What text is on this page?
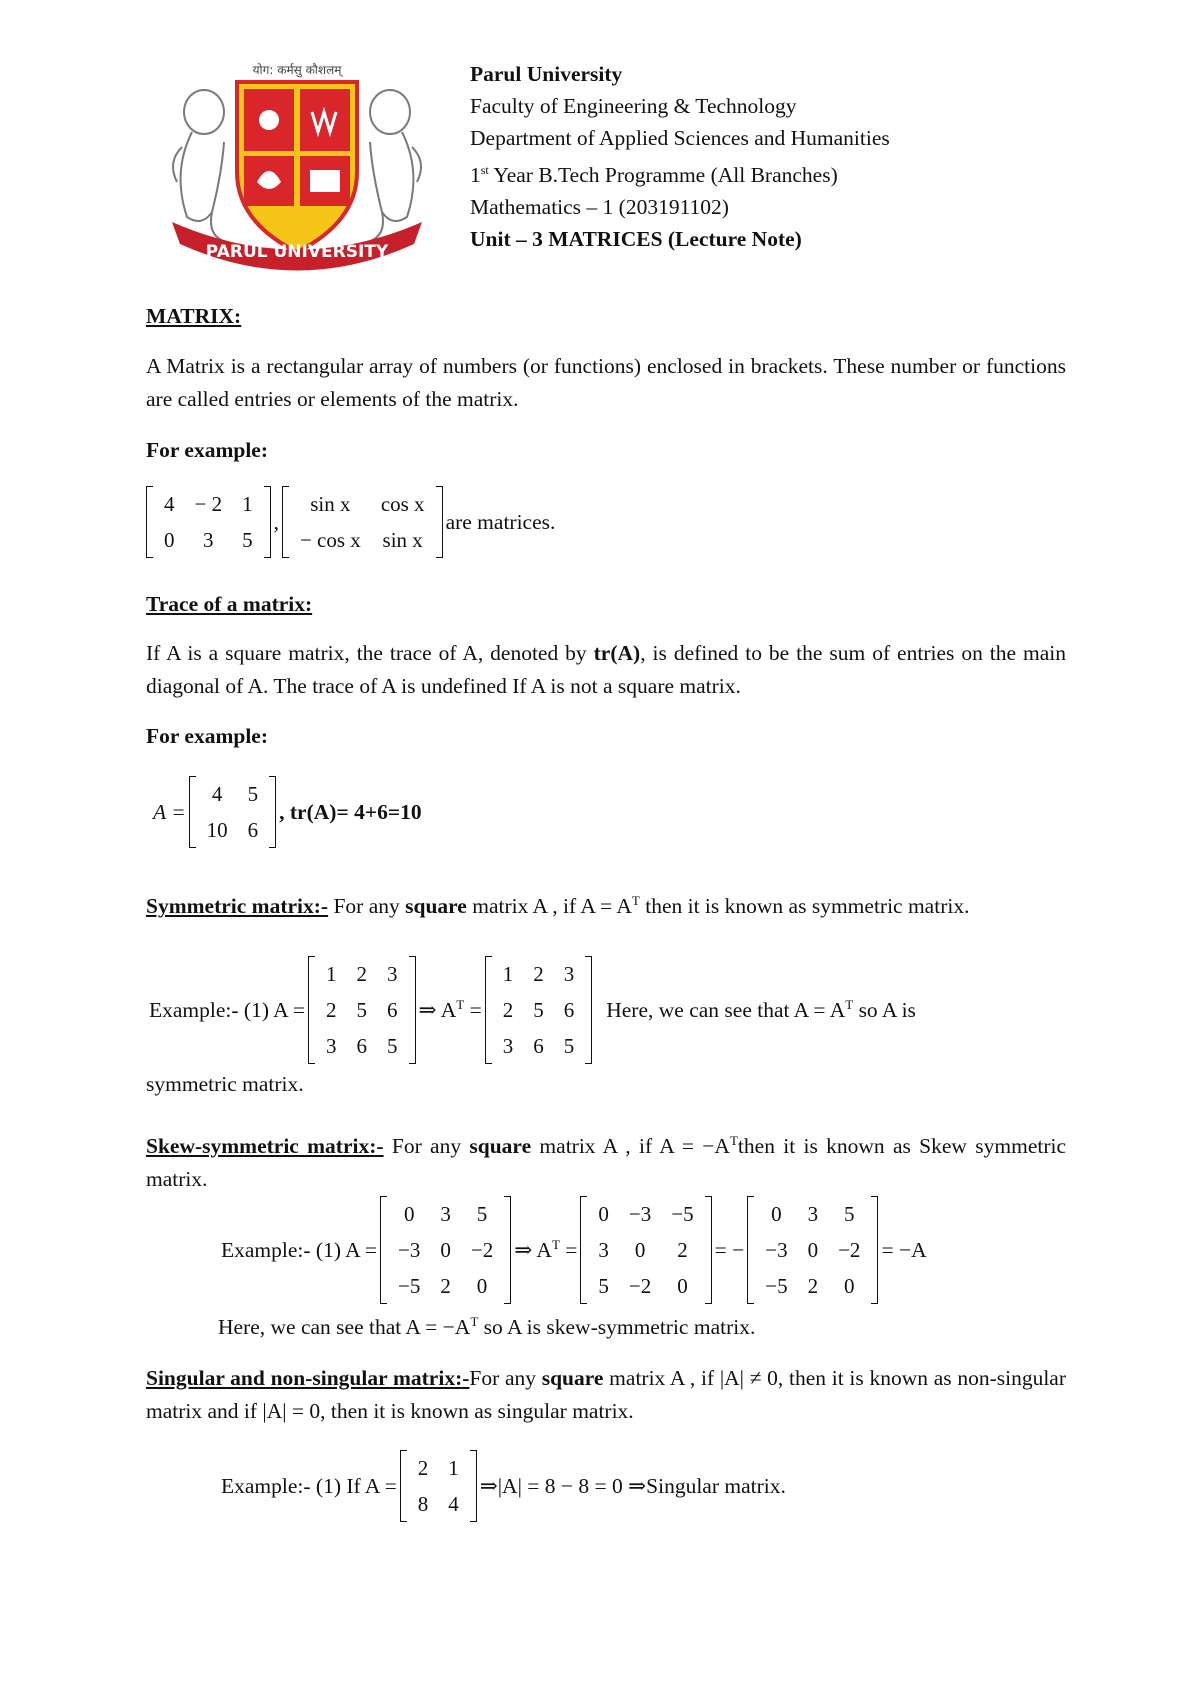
योग: कर्मसु कौशलम्
PARUL UNIVERSITY
Parul University
Faculty of Engineering & Technology
Department of Applied Sciences and Humanities
1st Year B.Tech Programme (All Branches)
Mathematics – 1 (203191102)
Unit – 3 MATRICES (Lecture Note)
MATRIX:
A Matrix is a rectangular array of numbers (or functions) enclosed in brackets. These number or functions are called entries or elements of the matrix.
For example:
4	− 2	1
0	3	5
,
sin x	cos x
− cos x	sin x
are matrices.
Trace of a matrix:
If A is a square matrix, the trace of A, denoted by tr(A), is defined to be the sum of entries on the main diagonal of A. The trace of A is undefined If A is not a square matrix.
For example:
A =
4	5
10	6
, tr(A)= 4+6=10
Symmetric matrix:- For any square matrix A , if $A = A^T$ then it is known as symmetric matrix.
Example:- (1) A =
1	2	3
2	5	6
3	6	5
⇒ $A^T$ =
1	2	3
2	5	6
3	6	5
Here, we can see that $A = A^T$ so A is
symmetric matrix.
Skew-symmetric matrix:- For any square matrix A , if $A = -A^Tthen$ it is known as Skew symmetric matrix.
Example:- (1) A =
0	3	5
−3	0	−2
−5	2	0
⇒ $A^T$ =
0	−3	−5
3	0	2
5	−2	0
= −
0	3	5
−3	0	−2
−5	2	0
= −A
Here, we can see that $A = -A^T$ so A is skew-symmetric matrix.
Singular and non-singular matrix:-For any square matrix A , if |A| ≠ 0, then it is known as non-singular matrix and if |A| = 0, then it is known as singular matrix.
Example:- (1) If A =
2	1
8	4
⇒|A| = 8 − 8 = 0 ⇒Singular matrix.
